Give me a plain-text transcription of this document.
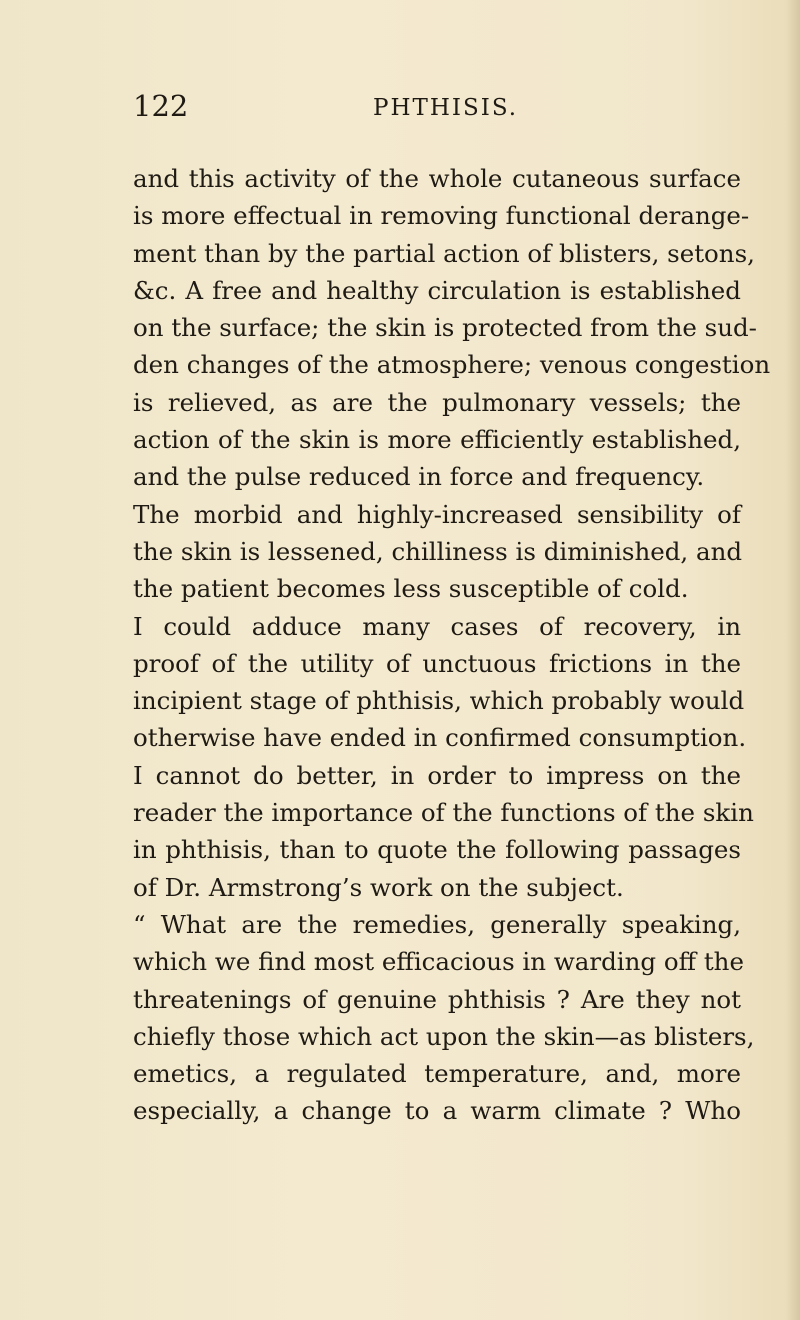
122	PHTHISIS.
and this activity of the whole cutaneous surface
is more effectual in removing functional derange-
ment than by the partial action of blisters, setons,
&c. A free and healthy circulation is established
on the surface; the skin is protected from the sud-
den changes of the atmosphere; venous congestion
is relieved, as are the pulmonary vessels; the
action of the skin is more efficiently established,
and the pulse reduced in force and frequency.
The morbid and highly-increased sensibility of
the skin is lessened, chilliness is diminished, and
the patient becomes less susceptible of cold.
I could adduce many cases of recovery, in
proof of the utility of unctuous frictions in the
incipient stage of phthisis, which probably would
otherwise have ended in confirmed consumption.
I cannot do better, in order to impress on the
reader the importance of the functions of the skin
in phthisis, than to quote the following passages
of Dr. Armstrong’s work on the subject.
“ What are the remedies, generally speaking,
which we find most efficacious in warding off the
threatenings of genuine phthisis ? Are they not
chiefly those which act upon the skin—as blisters,
emetics, a regulated temperature, and, more
especially, a change to a warm climate ? Who
